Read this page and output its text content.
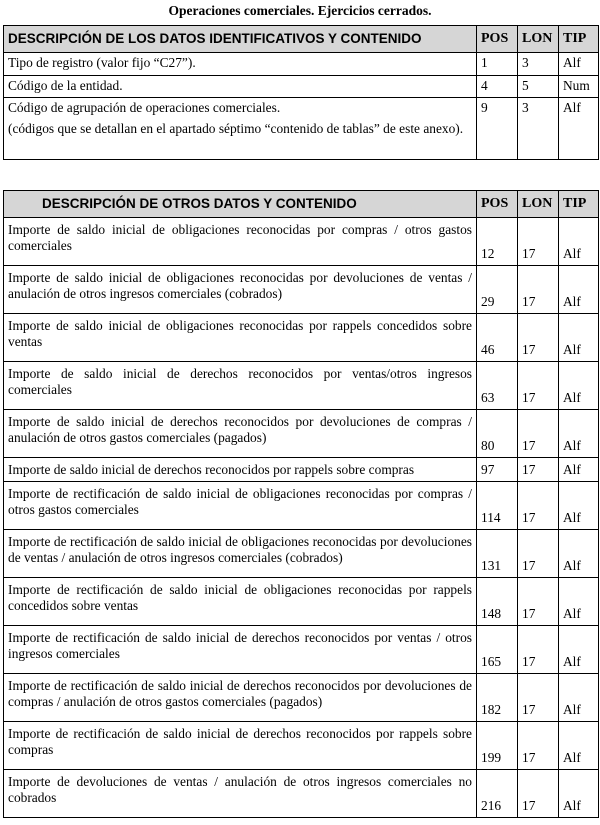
Operaciones comerciales. Ejercicios cerrados.
DESCRIPCIÓN DE LOS DATOS IDENTIFICATIVOS Y CONTENIDO	POS	LON	TIP
Tipo de registro (valor fijo “C27”).	1	3	Alf
Código de la entidad.	4	5	Num

Código de agrupación de operaciones comerciales.
(códigos que se detallan en el apartado séptimo “contenido de tablas” de este anexo).	9	3	Alf
DESCRIPCIÓN DE OTROS DATOS Y CONTENIDO	POS	LON	TIP
Importe de saldo inicial de obligaciones reconocidas por compras / otros gastos comerciales	12	17	Alf
Importe de saldo inicial de obligaciones reconocidas por devoluciones de ventas / anulación de otros ingresos comerciales (cobrados)	29	17	Alf
Importe de saldo inicial de obligaciones reconocidas por rappels concedidos sobre ventas	46	17	Alf
Importe de saldo inicial de derechos reconocidos por ventas/otros ingresos comerciales	63	17	Alf
Importe de saldo inicial de derechos reconocidos por devoluciones de compras / anulación de otros gastos comerciales (pagados)	80	17	Alf
Importe de saldo inicial de derechos reconocidos por rappels sobre compras	97	17	Alf
Importe de rectificación de saldo inicial de obligaciones reconocidas por compras / otros gastos comerciales	114	17	Alf
Importe de rectificación de saldo inicial de obligaciones reconocidas por devoluciones de ventas / anulación de otros ingresos comerciales (cobrados)	131	17	Alf
Importe de rectificación de saldo inicial de obligaciones reconocidas por rappels concedidos sobre ventas	148	17	Alf
Importe de rectificación de saldo inicial de derechos reconocidos por ventas / otros ingresos comerciales	165	17	Alf
Importe de rectificación de saldo inicial de derechos reconocidos por devoluciones de compras / anulación de otros gastos comerciales (pagados)	182	17	Alf
Importe de rectificación de saldo inicial de derechos reconocidos por rappels sobre compras	199	17	Alf
Importe de devoluciones de ventas / anulación de otros ingresos comerciales no cobrados	216	17	Alf
